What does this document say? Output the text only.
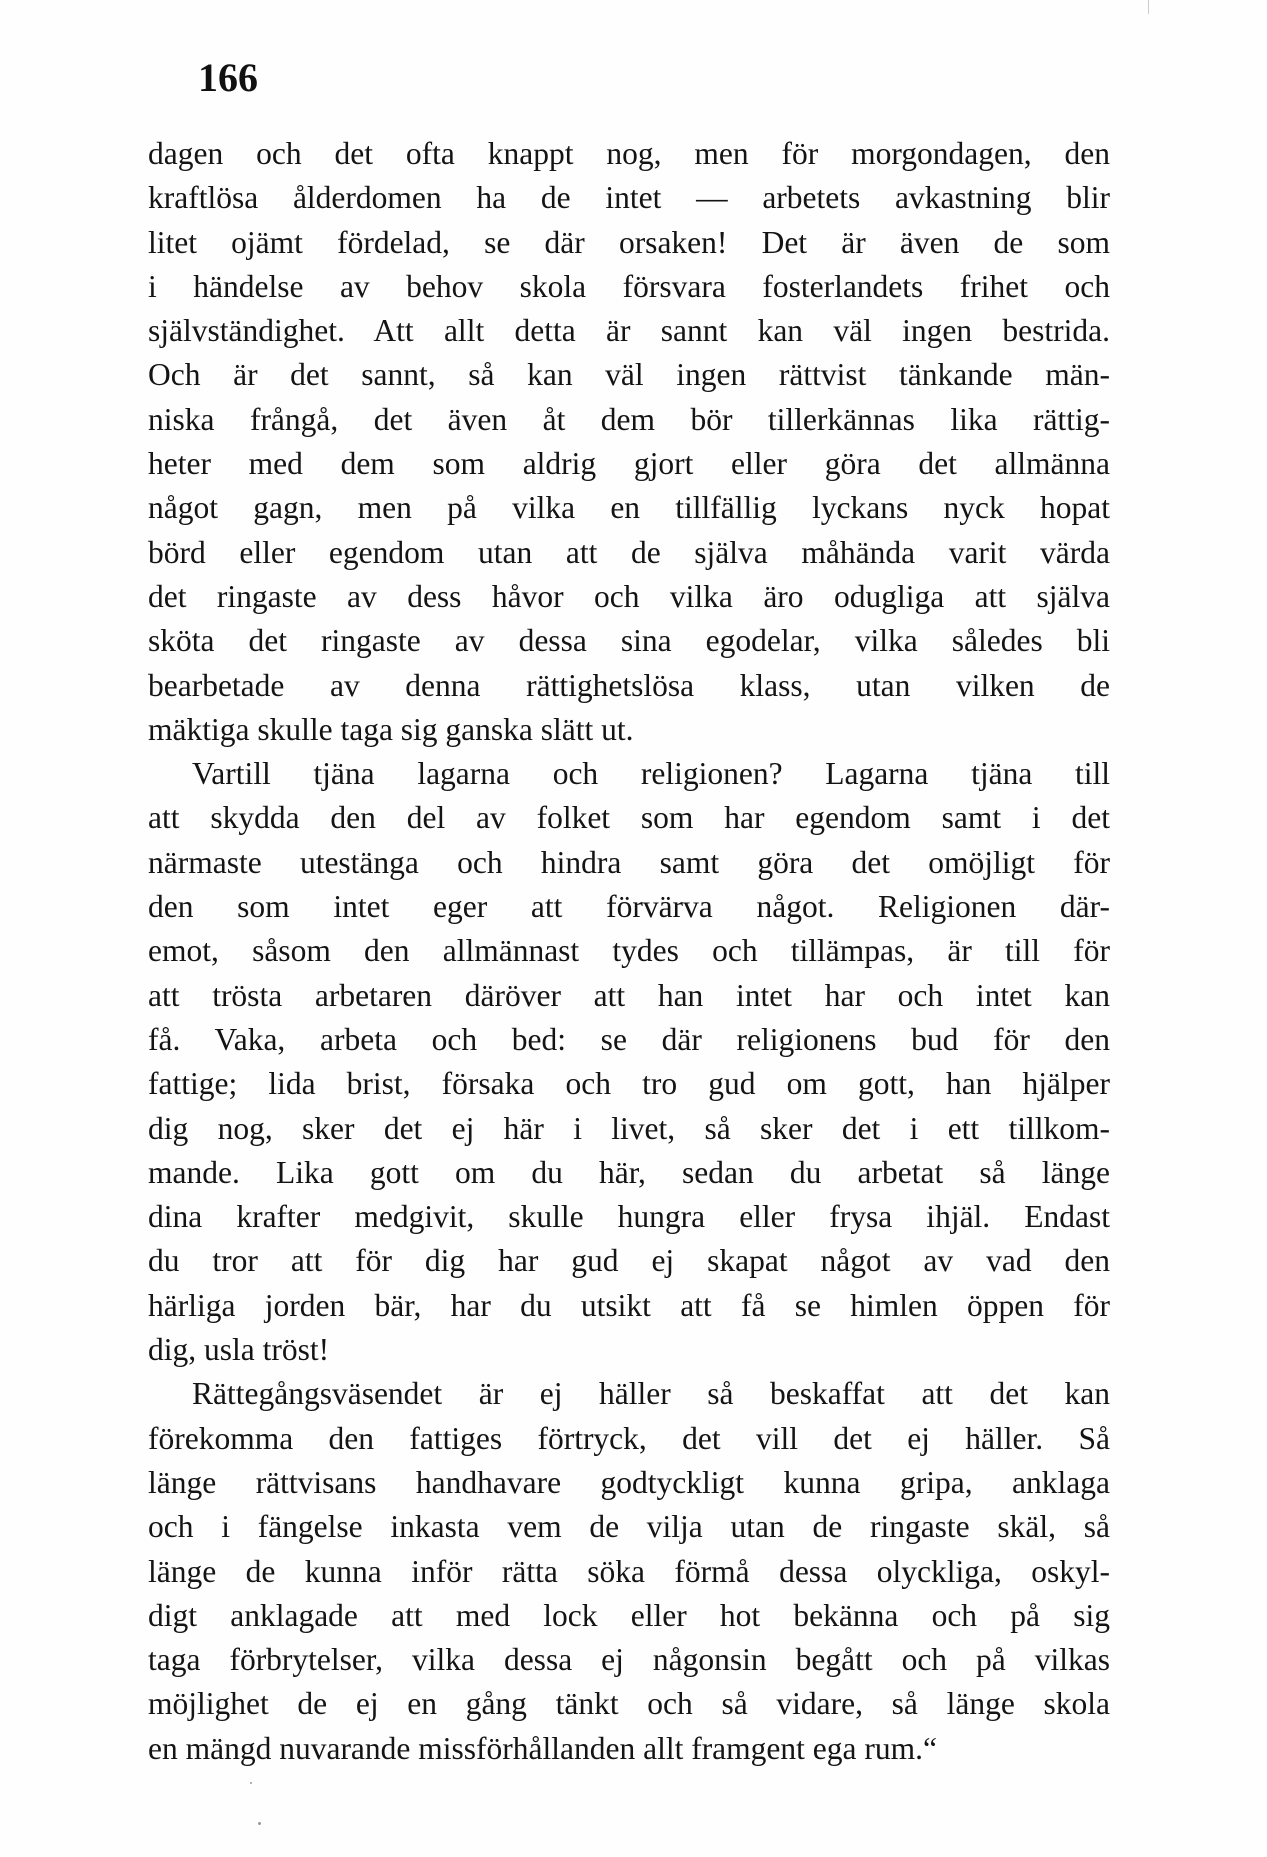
166
dagen och det ofta knappt nog, men för morgondagen, den
kraftlösa ålderdomen ha de intet — arbetets avkastning blir
litet ojämt fördelad, se där orsaken! Det är även de som
i händelse av behov skola försvara fosterlandets frihet och
självständighet. Att allt detta är sannt kan väl ingen bestrida.
Och är det sannt, så kan väl ingen rättvist tänkande män-
niska frångå, det även åt dem bör tillerkännas lika rättig-
heter med dem som aldrig gjort eller göra det allmänna
något gagn, men på vilka en tillfällig lyckans nyck hopat
börd eller egendom utan att de själva måhända varit värda
det ringaste av dess håvor och vilka äro odugliga att själva
sköta det ringaste av dessa sina egodelar, vilka således bli
bearbetade av denna rättighetslösa klass, utan vilken de
mäktiga skulle taga sig ganska slätt ut.
Vartill tjäna lagarna och religionen? Lagarna tjäna till
att skydda den del av folket som har egendom samt i det
närmaste utestänga och hindra samt göra det omöjligt för
den som intet eger att förvärva något. Religionen där-
emot, såsom den allmännast tydes och tillämpas, är till för
att trösta arbetaren däröver att han intet har och intet kan
få. Vaka, arbeta och bed: se där religionens bud för den
fattige; lida brist, försaka och tro gud om gott, han hjälper
dig nog, sker det ej här i livet, så sker det i ett tillkom-
mande. Lika gott om du här, sedan du arbetat så länge
dina krafter medgivit, skulle hungra eller frysa ihjäl. Endast
du tror att för dig har gud ej skapat något av vad den
härliga jorden bär, har du utsikt att få se himlen öppen för
dig, usla tröst!
Rättegångsväsendet är ej häller så beskaffat att det kan
förekomma den fattiges förtryck, det vill det ej häller. Så
länge rättvisans handhavare godtyckligt kunna gripa, anklaga
och i fängelse inkasta vem de vilja utan de ringaste skäl, så
länge de kunna inför rätta söka förmå dessa olyckliga, oskyl-
digt anklagade att med lock eller hot bekänna och på sig
taga förbrytelser, vilka dessa ej någonsin begått och på vilkas
möjlighet de ej en gång tänkt och så vidare, så länge skola
en mängd nuvarande missförhållanden allt framgent ega rum.“
